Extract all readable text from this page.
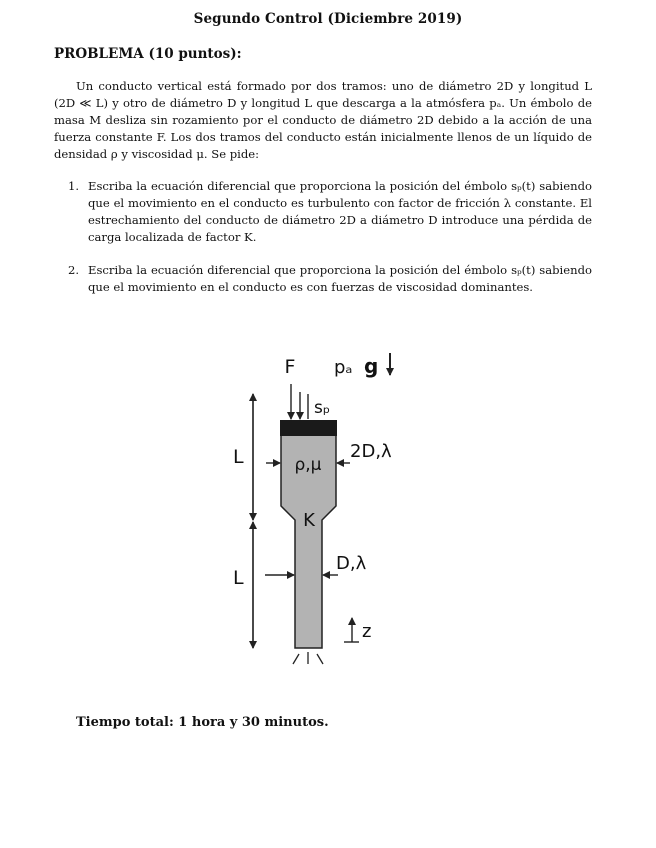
Segundo Control (Diciembre 2019)
PROBLEMA (10 puntos):
Un conducto vertical está formado por dos tramos: uno de diámetro 2D y longitud L (2D ≪ L) y otro de diámetro D y longitud L que descarga a la atmósfera pₐ. Un émbolo de masa M desliza sin rozamiento por el conducto de diámetro 2D debido a la acción de una fuerza constante F. Los dos tramos del conducto están inicialmente llenos de un líquido de densidad ρ y viscosidad μ. Se pide:
1. Escriba la ecuación diferencial que proporciona la posición del émbolo sₚ(t) sabiendo que el movimiento en el conducto es turbulento con factor de fricción λ constante. El estrechamiento del conducto de diámetro 2D a diámetro D introduce una pérdida de carga localizada de factor K.
2. Escriba la ecuación diferencial que proporciona la posición del émbolo sₚ(t) sabiendo que el movimiento en el conducto es con fuerzas de viscosidad dominantes.
F pₐ g
sₚ
L
L
2D,λ
ρ,μ
K
D,λ
z
Tiempo total: 1 hora y 30 minutos.
